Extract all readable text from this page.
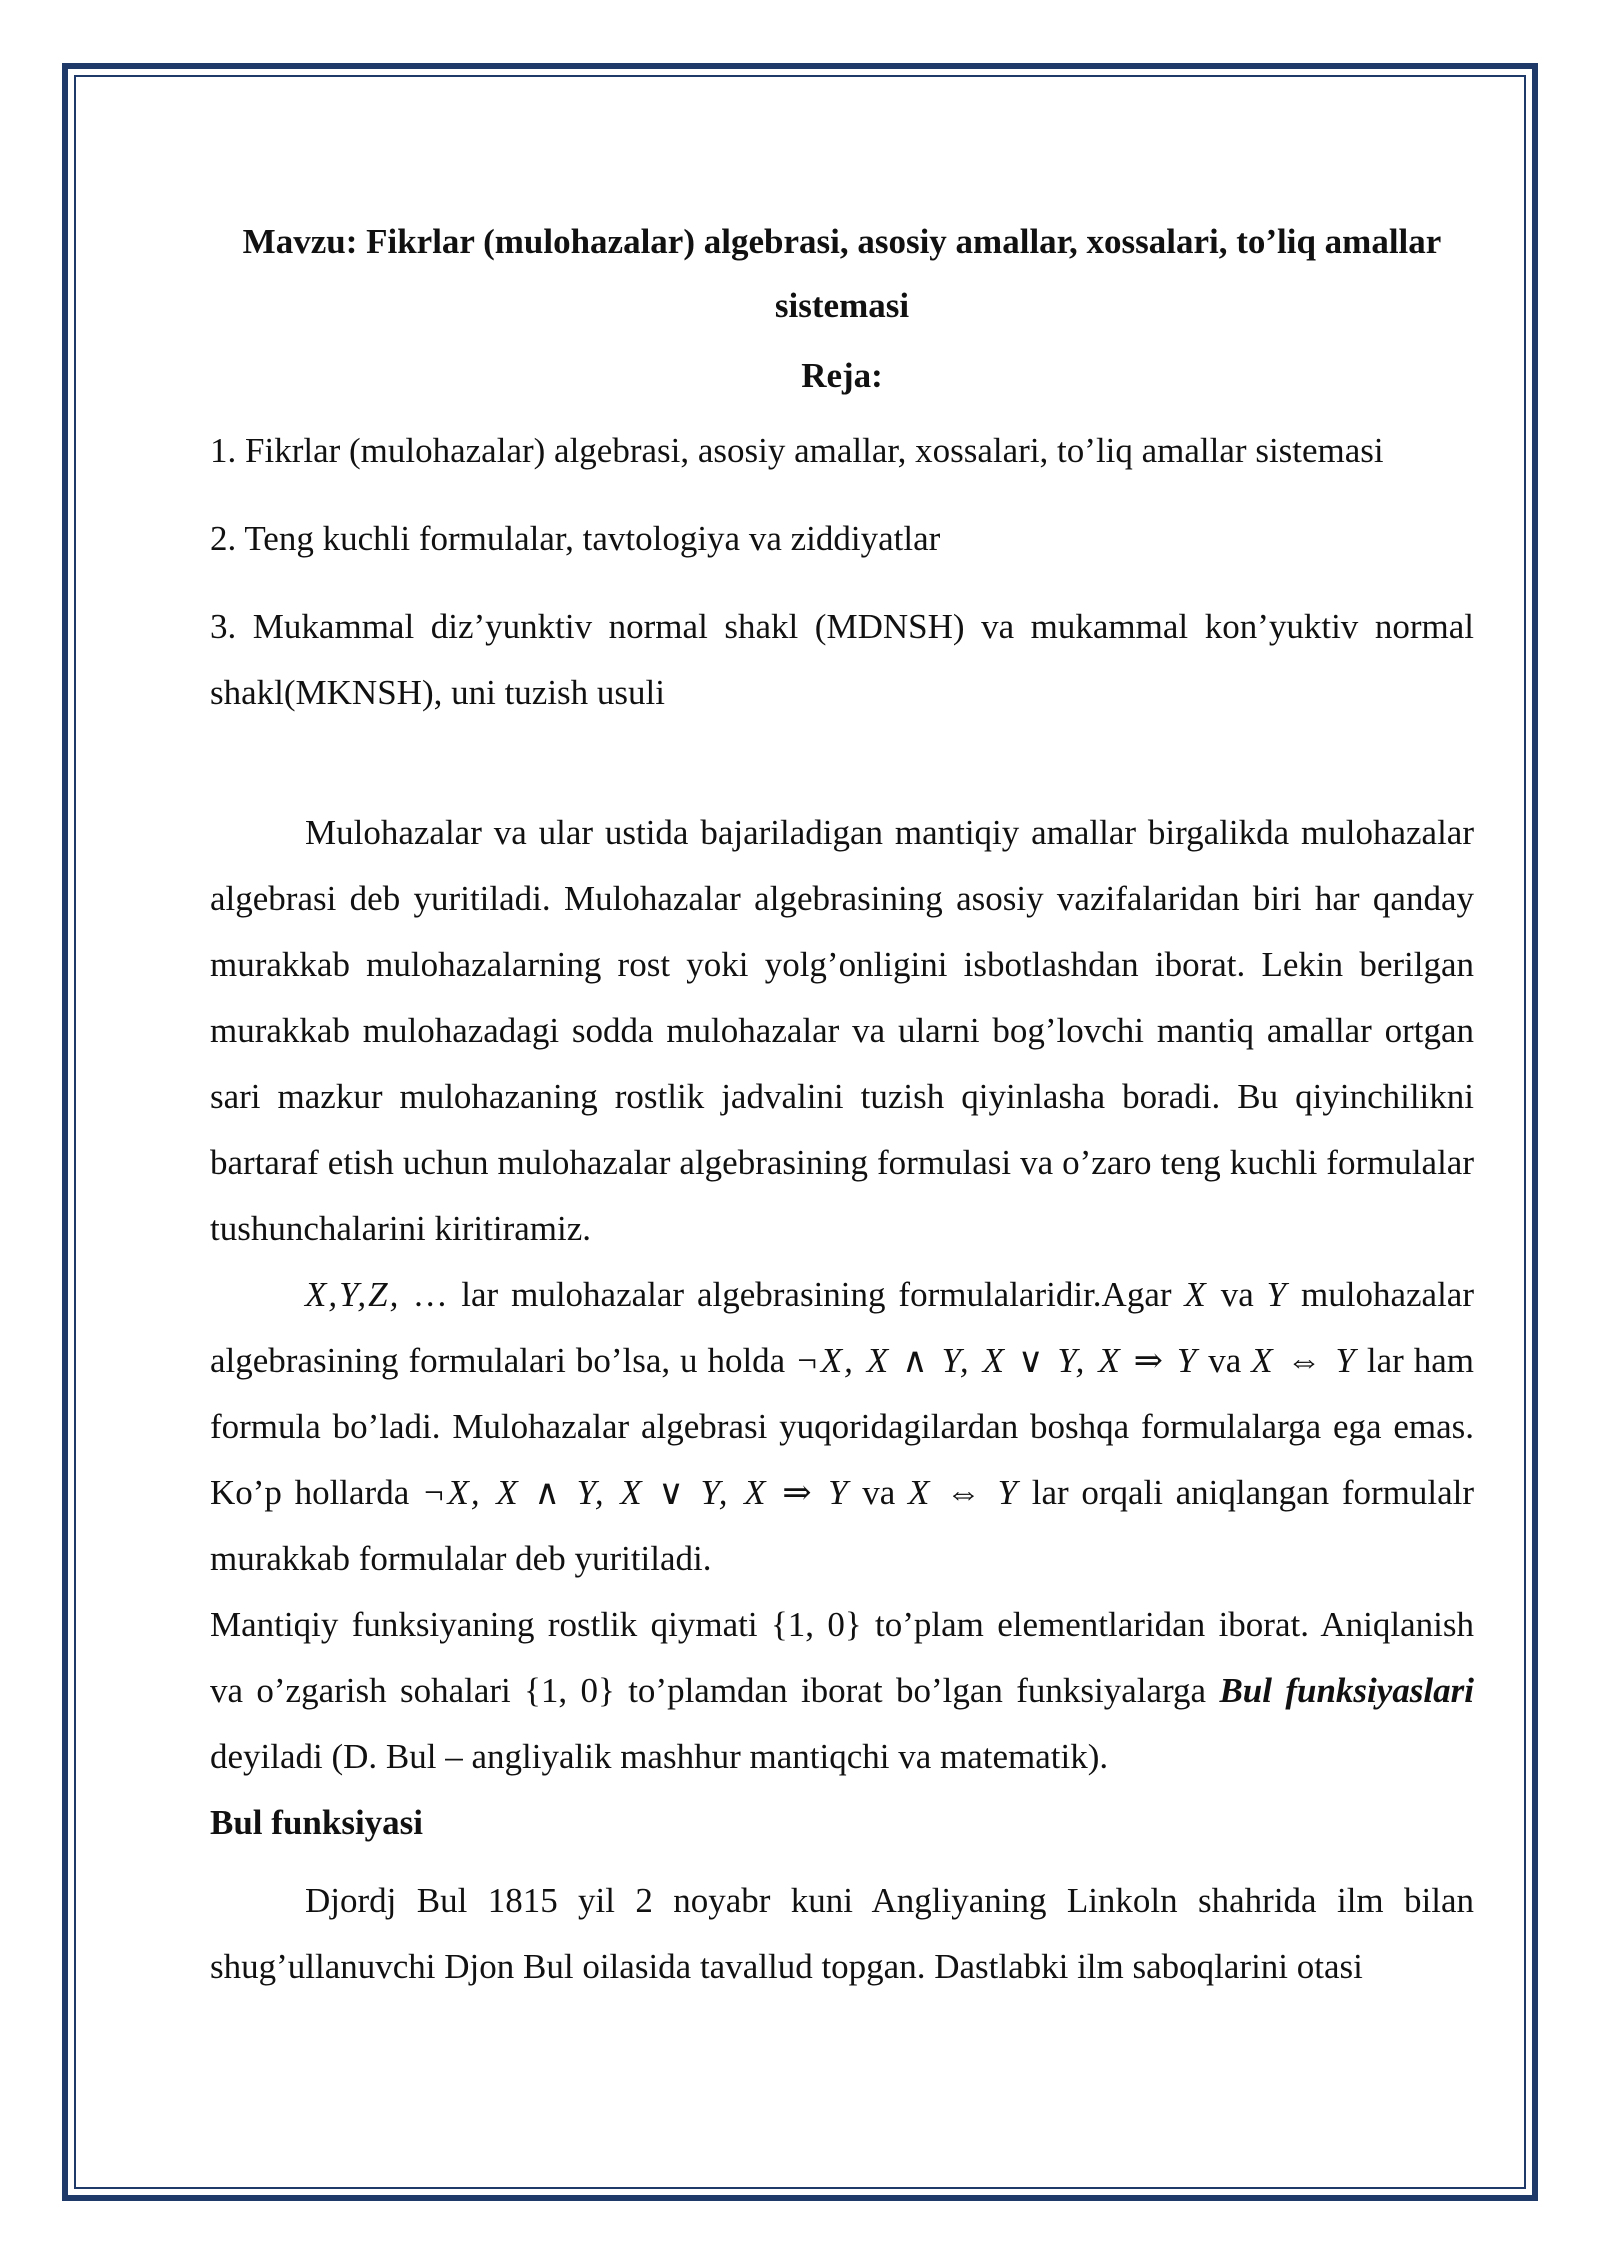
Mavzu: Fikrlar (mulohazalar) algebrasi, asosiy amallar, xossalari, to’liq amallar sistemasi
Reja:
1. Fikrlar (mulohazalar) algebrasi, asosiy amallar, xossalari, to’liq amallar sistemasi
2. Teng kuchli formulalar, tavtologiya va ziddiyatlar
3. Mukammal diz’yunktiv normal shakl (MDNSH) va mukammal kon’yuktiv normal shakl(MKNSH), uni tuzish usuli

Mulohazalar va ular ustida bajariladigan mantiqiy amallar birgalikda mulohazalar algebrasi deb yuritiladi. Mulohazalar algebrasining asosiy vazifalaridan biri har qanday murakkab mulohazalarning rost yoki yolg’onligini isbotlashdan iborat. Lekin berilgan murakkab mulohazadagi sodda mulohazalar va ularni bog’lovchi mantiq amallar ortgan sari mazkur mulohazaning rostlik jadvalini tuzish qiyinlasha boradi. Bu qiyinchilikni bartaraf etish uchun mulohazalar algebrasining formulasi va o’zaro teng kuchli formulalar tushunchalarini kiritiramiz.

X,Y,Z, … lar mulohazalar algebrasining formulalaridir.Agar X va Y mulohazalar algebrasining formulalari bo’lsa, u holda ¬X, X ∧ Y, X ∨ Y, X ⇒ Y va X ⇔ Y lar ham formula bo’ladi. Mulohazalar algebrasi yuqoridagilardan boshqa formulalarga ega emas. Ko’p hollarda ¬X, X ∧ Y, X ∨ Y, X ⇒ Y va X ⇔ Y lar orqali aniqlangan formulalr murakkab formulalar deb yuritiladi.

Mantiqiy funksiyaning rostlik qiymati {1, 0} to’plam elementlaridan iborat. Aniqlanish va o’zgarish sohalari {1, 0} to’plamdan iborat bo’lgan funksiyalarga Bul funksiyaslari deyiladi (D. Bul – angliyalik mashhur mantiqchi va matematik).

Bul funksiyasi

Djordj Bul 1815 yil 2 noyabr kuni Angliyaning Linkoln shahrida ilm bilan shug’ullanuvchi Djon Bul oilasida tavallud topgan. Dastlabki ilm saboqlarini otasi
